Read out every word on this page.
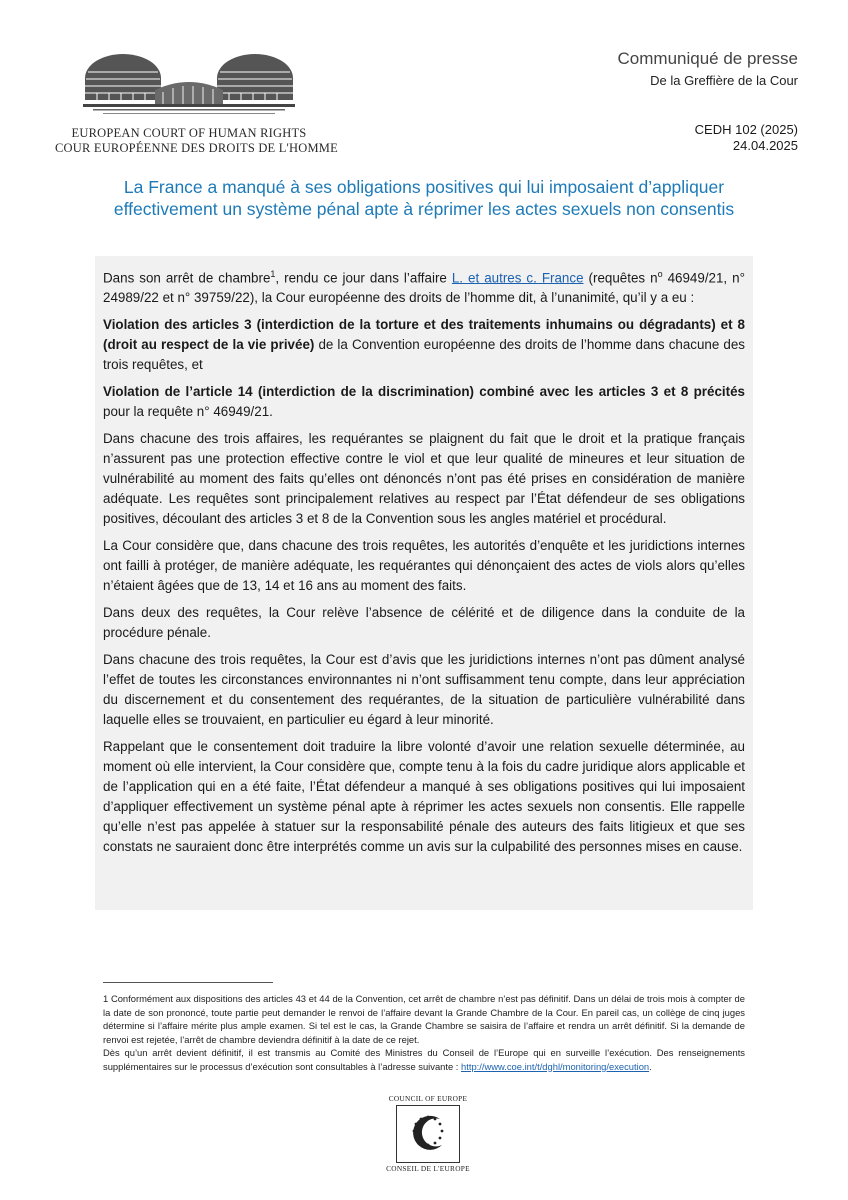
EUROPEAN COURT OF HUMAN RIGHTS
COUR EUROPÉENNE DES DROITS DE L'HOMME
Communiqué de presse
De la Greffière de la Cour
CEDH 102 (2025)
24.04.2025
La France a manqué à ses obligations positives qui lui imposaient d’appliquer effectivement un système pénal apte à réprimer les actes sexuels non consentis

Dans son arrêt de chambre$^1$, rendu ce jour dans l’affaire L. et autres c. France (requêtes $n^o$ 46949/21, n° 24989/22 et n° 39759/22), la Cour européenne des droits de l’homme dit, à l’unanimité, qu’il y a eu :

Violation des articles 3 (interdiction de la torture et des traitements inhumains ou dégradants) et 8 (droit au respect de la vie privée) de la Convention européenne des droits de l’homme dans chacune des trois requêtes, et

Violation de l’article 14 (interdiction de la discrimination) combiné avec les articles 3 et 8 précités pour la requête n° 46949/21.

Dans chacune des trois affaires, les requérantes se plaignent du fait que le droit et la pratique français n’assurent pas une protection effective contre le viol et que leur qualité de mineures et leur situation de vulnérabilité au moment des faits qu’elles ont dénoncés n’ont pas été prises en considération de manière adéquate. Les requêtes sont principalement relatives au respect par l’État défendeur de ses obligations positives, découlant des articles 3 et 8 de la Convention sous les angles matériel et procédural.

La Cour considère que, dans chacune des trois requêtes, les autorités d’enquête et les juridictions internes ont failli à protéger, de manière adéquate, les requérantes qui dénonçaient des actes de viols alors qu’elles n’étaient âgées que de 13, 14 et 16 ans au moment des faits.

Dans deux des requêtes, la Cour relève l’absence de célérité et de diligence dans la conduite de la procédure pénale.

Dans chacune des trois requêtes, la Cour est d’avis que les juridictions internes n’ont pas dûment analysé l’effet de toutes les circonstances environnantes ni n’ont suffisamment tenu compte, dans leur appréciation du discernement et du consentement des requérantes, de la situation de particulière vulnérabilité dans laquelle elles se trouvaient, en particulier eu égard à leur minorité.

Rappelant que le consentement doit traduire la libre volonté d’avoir une relation sexuelle déterminée, au moment où elle intervient, la Cour considère que, compte tenu à la fois du cadre juridique alors applicable et de l’application qui en a été faite, l’État défendeur a manqué à ses obligations positives qui lui imposaient d’appliquer effectivement un système pénal apte à réprimer les actes sexuels non consentis. Elle rappelle qu’elle n’est pas appelée à statuer sur la responsabilité pénale des auteurs des faits litigieux et que ses constats ne sauraient donc être interprétés comme un avis sur la culpabilité des personnes mises en cause.

1 Conformément aux dispositions des articles 43 et 44 de la Convention, cet arrêt de chambre n’est pas définitif. Dans un délai de trois mois à compter de la date de son prononcé, toute partie peut demander le renvoi de l’affaire devant la Grande Chambre de la Cour. En pareil cas, un collège de cinq juges détermine si l’affaire mérite plus ample examen. Si tel est le cas, la Grande Chambre se saisira de l’affaire et rendra un arrêt définitif. Si la demande de renvoi est rejetée, l’arrêt de chambre deviendra définitif à la date de ce rejet.

Dès qu’un arrêt devient définitif, il est transmis au Comité des Ministres du Conseil de l’Europe qui en surveille l’exécution. Des renseignements supplémentaires sur le processus d’exécution sont consultables à l’adresse suivante : http://www.coe.int/t/dghl/monitoring/execution.

COUNCIL OF EUROPE
CONSEIL DE L'EUROPE
